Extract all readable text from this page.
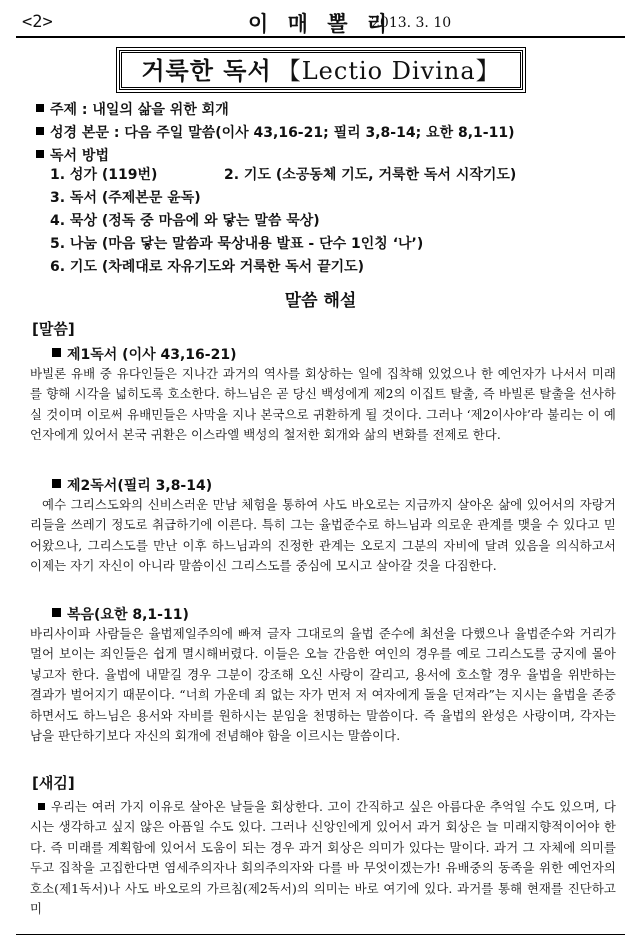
<2>	이 매 뽈 리
2013. 3. 10
거룩한 독서 【Lectio Divina】
주제 : 내일의 삶을 위한 회개
성경 본문 : 다음 주일 말씀(이사 43,16-21; 필리 3,8-14; 요한 8,1-11)
독서 방법
1. 성가 (119번)	2. 기도 (소공동체 기도, 거룩한 독서 시작기도)
3. 독서 (주제본문 윤독)
4. 묵상 (정독 중 마음에 와 닿는 말씀 묵상)
5. 나눔 (마음 닿는 말씀과 묵상내용 발표 - 단수 1인칭 ‘나’)
6. 기도 (차례대로 자유기도와 거룩한 독서 끝기도)
말씀 해설
[말씀]
제1독서 (이사 43,16-21)
바빌론 유배 중 유다인들은 지나간 과거의 역사를 회상하는 일에 집착해 있었으나 한 예언자가 나서서 미래를 향해 시각을 넓히도록 호소한다. 하느님은 곧 당신 백성에게 제2의 이집트 탈출, 즉 바빌론 탈출을 선사하실 것이며 이로써 유배민들은 사막을 지나 본국으로 귀환하게 될 것이다. 그러나 ‘제2이사야’라 불리는 이 예언자에게 있어서 본국 귀환은 이스라엘 백성의 철저한 회개와 삶의 변화를 전제로 한다.
제2독서(필리 3,8-14)
예수 그리스도와의 신비스러운 만남 체험을 통하여 사도 바오로는 지금까지 살아온 삶에 있어서의 자랑거리들을 쓰레기 정도로 취급하기에 이른다. 특히 그는 율법준수로 하느님과 의로운 관계를 맺을 수 있다고 믿어왔으나, 그리스도를 만난 이후 하느님과의 진정한 관계는 오로지 그분의 자비에 달려 있음을 의식하고서 이제는 자기 자신이 아니라 말씀이신 그리스도를 중심에 모시고 살아갈 것을 다짐한다.
복음(요한 8,1-11)
바리사이파 사람들은 율법제일주의에 빠져 글자 그대로의 율법 준수에 최선을 다했으나 율법준수와 거리가 멀어 보이는 죄인들은 쉽게 멸시해버렸다. 이들은 오늘 간음한 여인의 경우를 예로 그리스도를 궁지에 몰아넣고자 한다. 율법에 내맡길 경우 그분이 강조해 오신 사랑이 갈리고, 용서에 호소할 경우 율법을 위반하는 결과가 벌어지기 때문이다. “너희 가운데 죄 없는 자가 먼저 저 여자에게 돌을 던져라”는 지시는 율법을 존중하면서도 하느님은 용서와 자비를 원하시는 분임을 천명하는 말씀이다. 즉 율법의 완성은 사랑이며, 각자는 남을 판단하기보다 자신의 회개에 전념해야 함을 이르시는 말씀이다.
[새김]
우리는 여러 가지 이유로 살아온 날들을 회상한다. 고이 간직하고 싶은 아름다운 추억일 수도 있으며, 다시는 생각하고 싶지 않은 아픔일 수도 있다. 그러나 신앙인에게 있어서 과거 회상은 늘 미래지향적이어야 한다. 즉 미래를 계획함에 있어서 도움이 되는 경우 과거 회상은 의미가 있다는 말이다. 과거 그 자체에 의미를 두고 집착을 고집한다면 염세주의자나 회의주의자와 다를 바 무엇이겠는가! 유배중의 동족을 위한 예언자의 호소(제1독서)나 사도 바오로의 가르침(제2독서)의 의미는 바로 여기에 있다. 과거를 통해 현재를 진단하고 미
